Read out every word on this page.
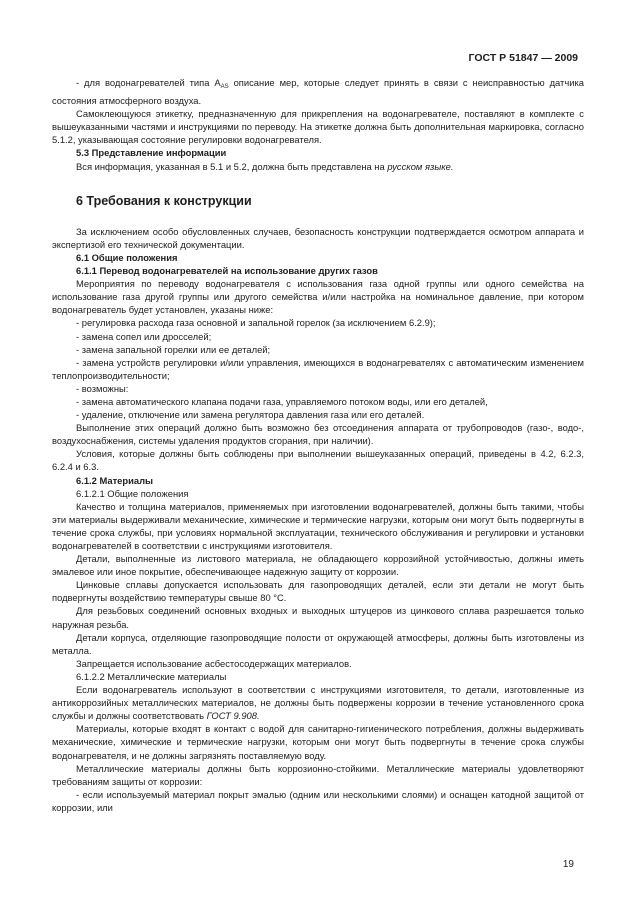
ГОСТ Р 51847 — 2009

- для водонагревателей типа $A_{AS}$ описание мер, которые следует принять в связи с неисправностью датчика состояния атмосферного воздуха.

Самоклеющуюся этикетку, предназначенную для прикрепления на водонагревателе, поставляют в комплекте с вышеуказанными частями и инструкциями по переводу. На этикетке должна быть дополнительная маркировка, согласно 5.1.2, указывающая состояние регулировки водонагревателя.

5.3 Представление информации

Вся информация, указанная в 5.1 и 5.2, должна быть представлена на русском языке.

6 Требования к конструкции

За исключением особо обусловленных случаев, безопасность конструкции подтверждается осмотром аппарата и экспертизой его технической документации.

6.1 Общие положения

6.1.1 Перевод водонагревателей на использование других газов

Мероприятия по переводу водонагревателя с использования газа одной группы или одного семейства на использование газа другой группы или другого семейства и/или настройка на номинальное давление, при котором водонагреватель будет установлен, указаны ниже:

- регулировка расхода газа основной и запальной горелок (за исключением 6.2.9);

- замена сопел или дросселей;

- замена запальной горелки или ее деталей;

- замена устройств регулировки и/или управления, имеющихся в водонагревателях с автоматическим изменением теплопроизводительности;

- возможны:

- замена автоматического клапана подачи газа, управляемого потоком воды, или его деталей,

- удаление, отключение или замена регулятора давления газа или его деталей.

Выполнение этих операций должно быть возможно без отсоединения аппарата от трубопроводов (газо-, водо-, воздухоснабжения, системы удаления продуктов сгорания, при наличии).

Условия, которые должны быть соблюдены при выполнении вышеуказанных операций, приведены в 4.2, 6.2.3, 6.2.4 и 6.3.

6.1.2 Материалы

6.1.2.1 Общие положения

Качество и толщина материалов, применяемых при изготовлении водонагревателей, должны быть такими, чтобы эти материалы выдерживали механические, химические и термические нагрузки, которым они могут быть подвергнуты в течение срока службы, при условиях нормальной эксплуатации, технического обслуживания и регулировки и установки водонагревателей в соответствии с инструкциями изготовителя.

Детали, выполненные из листового материала, не обладающего коррозийной устойчивостью, должны иметь эмалевое или иное покрытие, обеспечивающее надежную защиту от коррозии.

Цинковые сплавы допускается использовать для газопроводящих деталей, если эти детали не могут быть подвергнуты воздействию температуры свыше 80 °С.

Для резьбовых соединений основных входных и выходных штуцеров из цинкового сплава разрешается только наружная резьба.

Детали корпуса, отделяющие газопроводящие полости от окружающей атмосферы, должны быть изготовлены из металла.

Запрещается использование асбестосодержащих материалов.

6.1.2.2 Металлические материалы

Если водонагреватель используют в соответствии с инструкциями изготовителя, то детали, изготовленные из антикоррозийных металлических материалов, не должны быть подвержены коррозии в течение установленного срока службы и должны соответствовать ГОСТ 9.908.

Материалы, которые входят в контакт с водой для санитарно-гигиенического потребления, должны выдерживать механические, химические и термические нагрузки, которым они могут быть подвергнуты в течение срока службы водонагревателя, и не должны загрязнять поставляемую воду.

Металлические материалы должны быть коррозионно-стойкими. Металлические материалы удовлетворяют требованиям защиты от коррозии:

- если используемый материал покрыт эмалью (одним или несколькими слоями) и оснащен катодной защитой от коррозии, или

19
